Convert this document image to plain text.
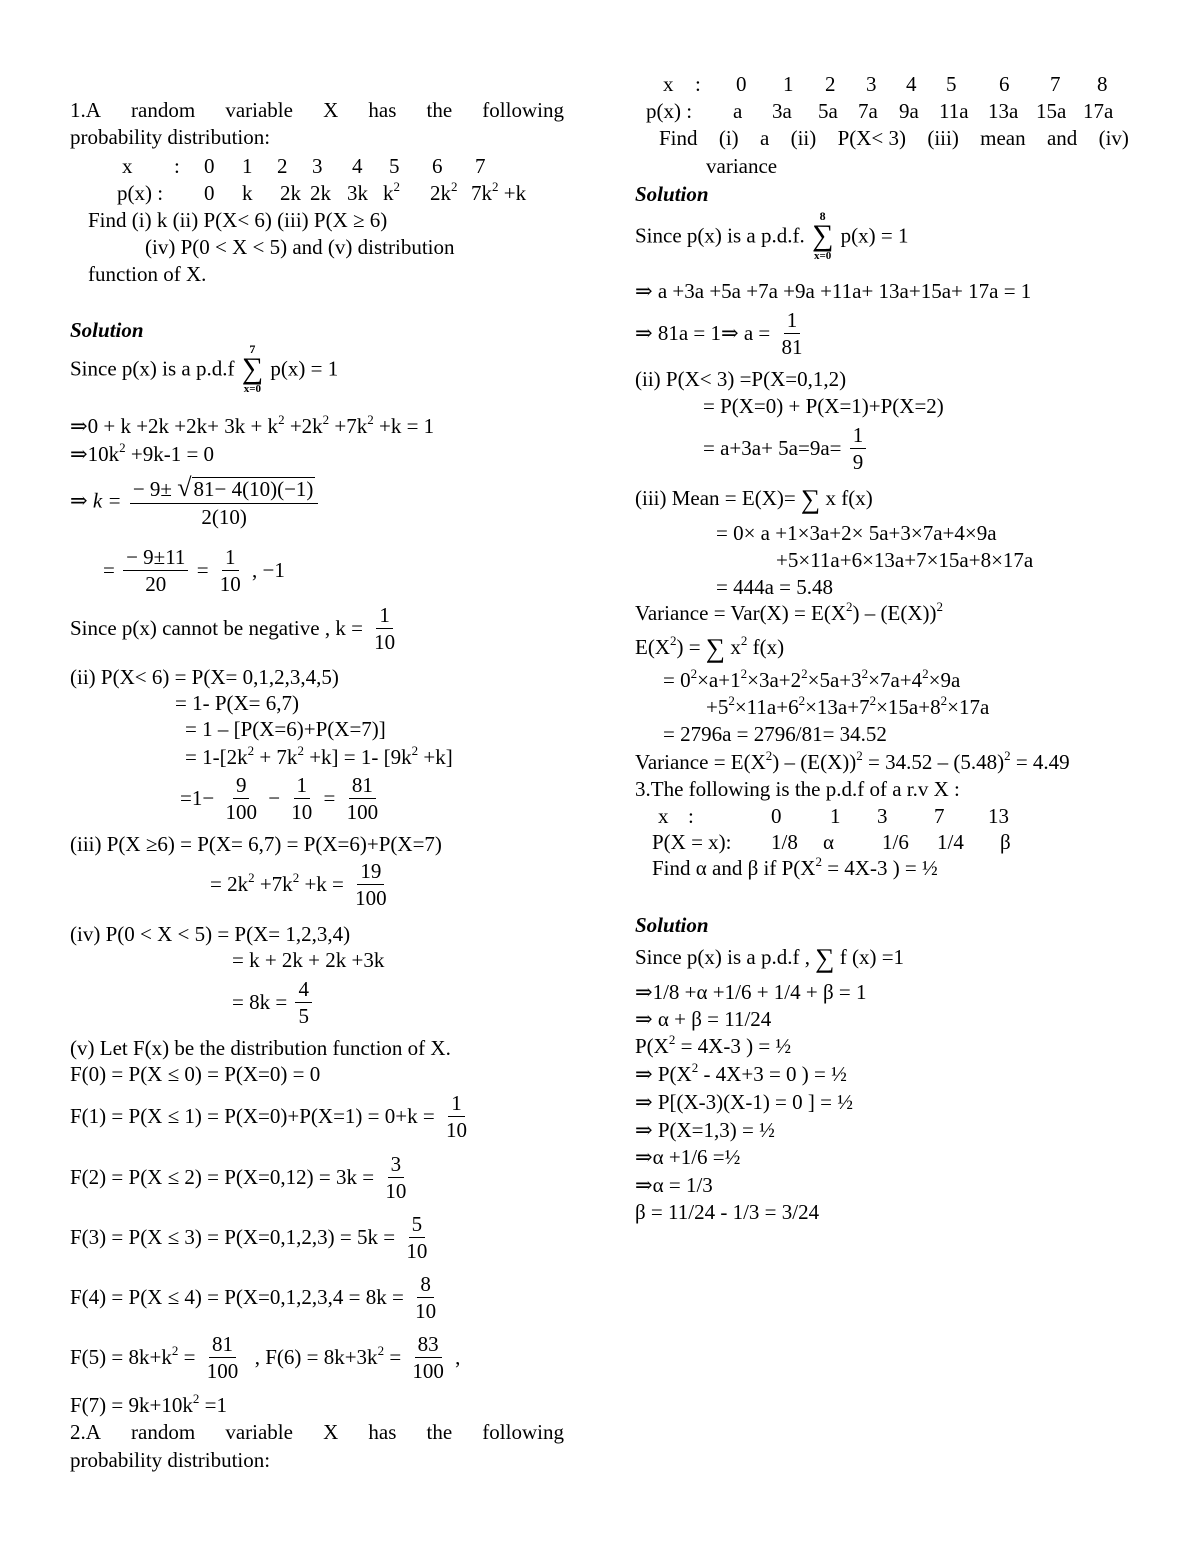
1.A random variable X has the following
probability distribution:
x : 0 1 2 3 4 5 6 7
p(x) : 0 k 2k 2k 3k $k^2$ $2k^2$ $7k^2 +k$
Find (i) k (ii) P(X< 6) (iii) P(X ≥ 6)
(iv) P(0 < X < 5) and (v) distribution
function of X.
Solution
Since p(x) is a p.d.f
7
∑
x=0
p(x) = 1
⇒0 + $k +2k +2k+ 3k + k^2 +2k^2 +7k^2 +k = 1$
$\Rightarrow 10k^2 +9k-1 = 0$
⇒ $k = \frac{- 9\pm √81- 4(10)(-1)}{2(10)}$
= $\frac{- 9\pm 11}{20} = \frac{1}{10}$ , −1
Since p(x) cannot be negative , $k = \frac{1}{10}$
(ii) P(X< 6) = P(X= 0,1,2,3,4,5)
= 1- P(X= 6,7)
= 1 – [P(X=6)+P(X=7)]
= $1-[2k^2 + 7k^2 +k] = 1-$ $[9k^2 +k]$
$=1- \frac{9}{100} - \frac{1}{10} = \frac{81}{100}$
(iii) P(X ≥6) = P(X= 6,7) = P(X=6)+P(X=7)
= $2k^2 +7k^2 +k = \frac{19}{100}$
(iv) P(0 < X < 5) = P(X= 1,2,3,4)
= k + 2k + 2k +3k
= $8k = \frac{4}{5}$
(v) Let F(x) be the distribution function of X.
F(0) = P(X ≤ 0) = P(X=0) = 0
$F(1) = P(X \le 1) = P(X=0)+P(X=1) = 0+k = \frac{1}{10}$
$F(2) = P(X \le 2) = P(X=0,12) = 3k = \frac{3}{10}$
$F(3) = P(X \le 3) = P(X=0,1,2,3) = 5k = \frac{5}{10}$
$F(4) = P(X \le 4) = P(X=0,1,2,3,4 = 8k = \frac{8}{10}$
$F(5) = 8k+k^2 = \frac{81}{100}$ , $F(6) = 8k+3k^2 = \frac{83}{100}$ ,
$F(7) = 9k+10k^2 =1$
2.A random variable X has the following
probability distribution:
x : 0 1 2 3 4 5 6 7 8
p(x) : a 3a 5a 7a 9a 11a 13a 15a 17a
Find (i) a (ii) P(X< 3) (iii) mean and (iv)
variance
Solution
Since p(x) is a p.d.f.
8
∑
x=0
p(x) = 1
⇒ a +3a +5a +7a +9a +11a+ 13a+15a+ 17a = 1
⇒ 81a = 1⇒ $a = \frac{1}{81}$
(ii) P(X< 3) =P(X=0,1,2)
= P(X=0) + P(X=1)+P(X=2)
= $a+3a+ 5a=9a= \frac{1}{9}$
(iii) Mean = E(X)= ∑ x f(x)
= 0× a +1×3a+2× 5a+3×7a+4×9a
+5×11a+6×13a+7×15a+8×17a
= 444a = 5.48
Variance = $Var(X) = E(X^2) - (E(X))^2$
$E(X^2)$ = ∑ $x^2$ f(x)
= $0^2\times a+1^2\times 3a+2^2\times 5a+3^2\times 7a+4^2\times 9a$
$+5^2\times 11a+6^2\times 13a+7^2\times 15a+8^2\times 17a$
= 2796a = 2796/81= 34.52
Variance = $E(X^2) - (E(X))^2 = 34.52 - (5.48)^2 = 4.49$
3.The following is the p.d.f of a r.v X :
x :	0 1 3 7 13
P(X = x): 1/8 α 1/6 1/4 β
Find α and β if $P(X^2 = 4X-3$ ) = ½
Solution
Since p(x) is a p.d.f , ∑ f (x) =1
⇒1/8 +α +1/6 + 1/4 + β = 1
⇒ α + β = 11/24
$P(X^2 = 4X-3$ ) = ½
⇒ $P(X^2 - 4X+3 = 0$ ) = ½
⇒ P[(X-3)(X-1) = 0 ] = ½
⇒ P(X=1,3) = ½
⇒α +1/6 =½
⇒α = 1/3
β = 11/24 - 1/3 = 3/24
